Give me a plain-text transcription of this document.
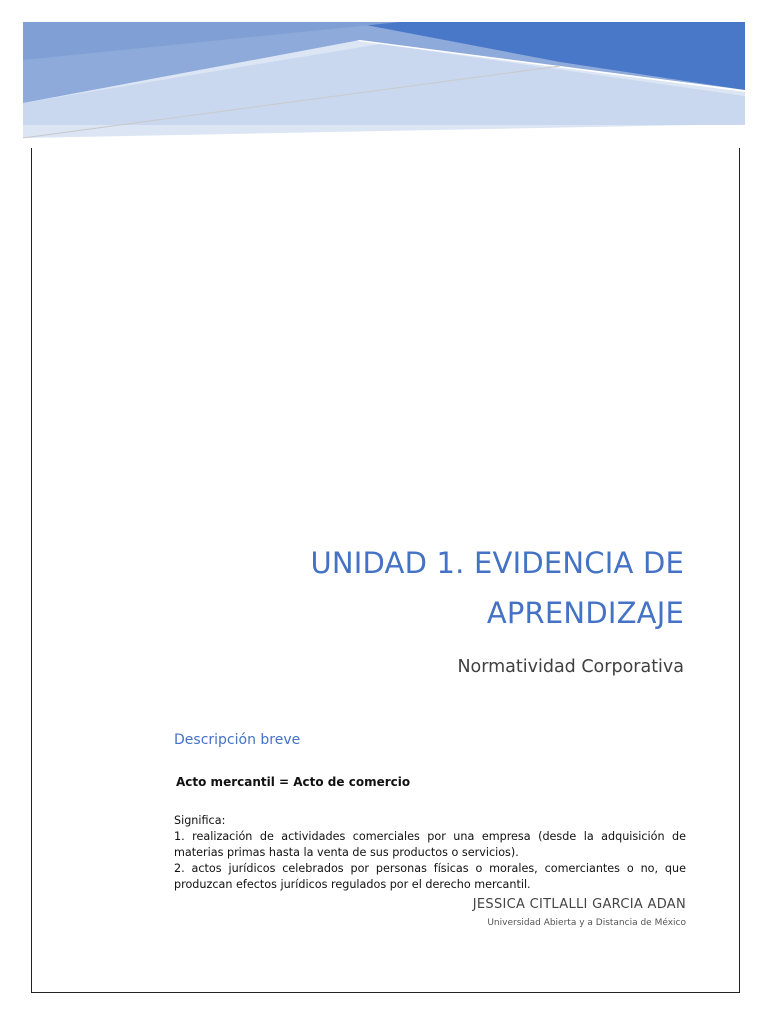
UNIDAD 1. EVIDENCIA DE
APRENDIZAJE
Normatividad Corporativa
Descripción breve
Acto mercantil = Acto de comercio

Significa:

1. realización de actividades comerciales por una empresa (desde la adquisición de materias primas hasta la venta de sus productos o servicios).

2. actos jurídicos celebrados por personas físicas o morales, comerciantes o no, que produzcan efectos jurídicos regulados por el derecho mercantil.

JESSICA CITLALLI GARCIA ADAN
Universidad Abierta y a Distancia de México
